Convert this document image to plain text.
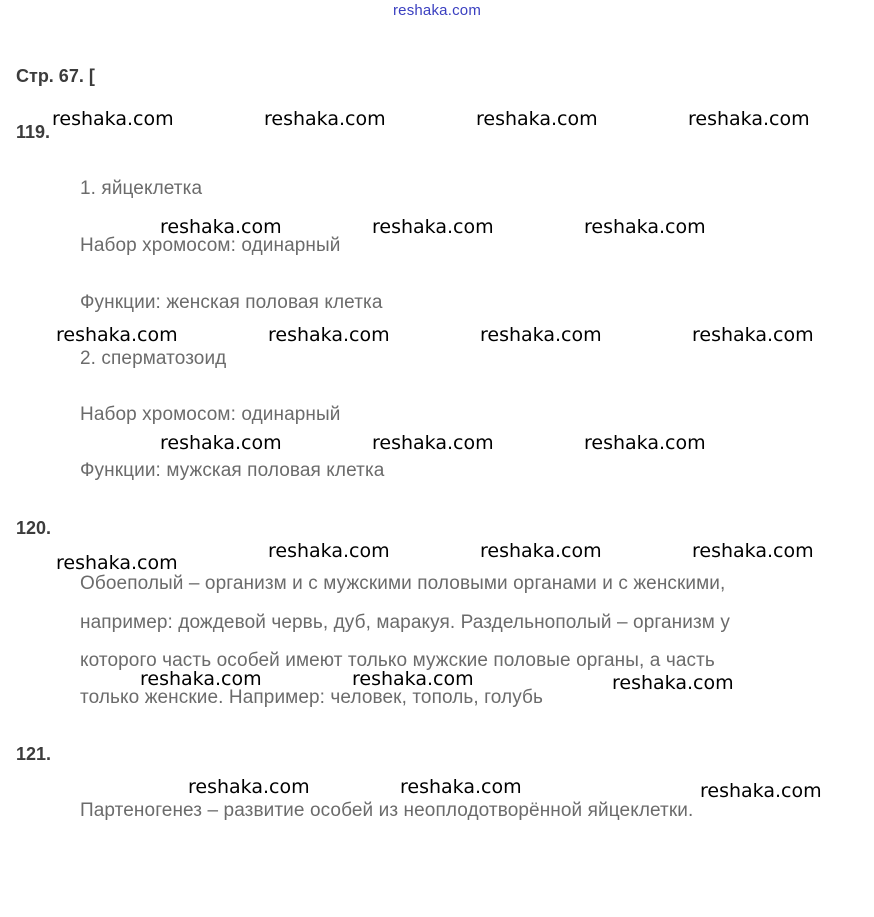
reshaka.com
Стр. 67. [
119.
1. яйцеклетка
Набор хромосом: одинарный
Функции: женская половая клетка
2. сперматозоид
Набор хромосом: одинарный
Функции: мужская половая клетка
120.
Обоеполый – организм и с мужскими половыми органами и с женскими,
например: дождевой червь, дуб, маракуя. Раздельнополый – организм у
которого часть особей имеют только мужские половые органы, а часть
только женские. Например: человек, тополь, голубь
121.
Партеногенез – развитие особей из неоплодотворённой яйцеклетки.
reshaka.com	reshaka.com	reshaka.com	reshaka.com
reshaka.com	reshaka.com	reshaka.com
reshaka.com	reshaka.com	reshaka.com	reshaka.com
reshaka.com	reshaka.com	reshaka.com
reshaka.com
reshaka.com	reshaka.com	reshaka.com
reshaka.com	reshaka.com	reshaka.com
reshaka.com	reshaka.com	reshaka.com
